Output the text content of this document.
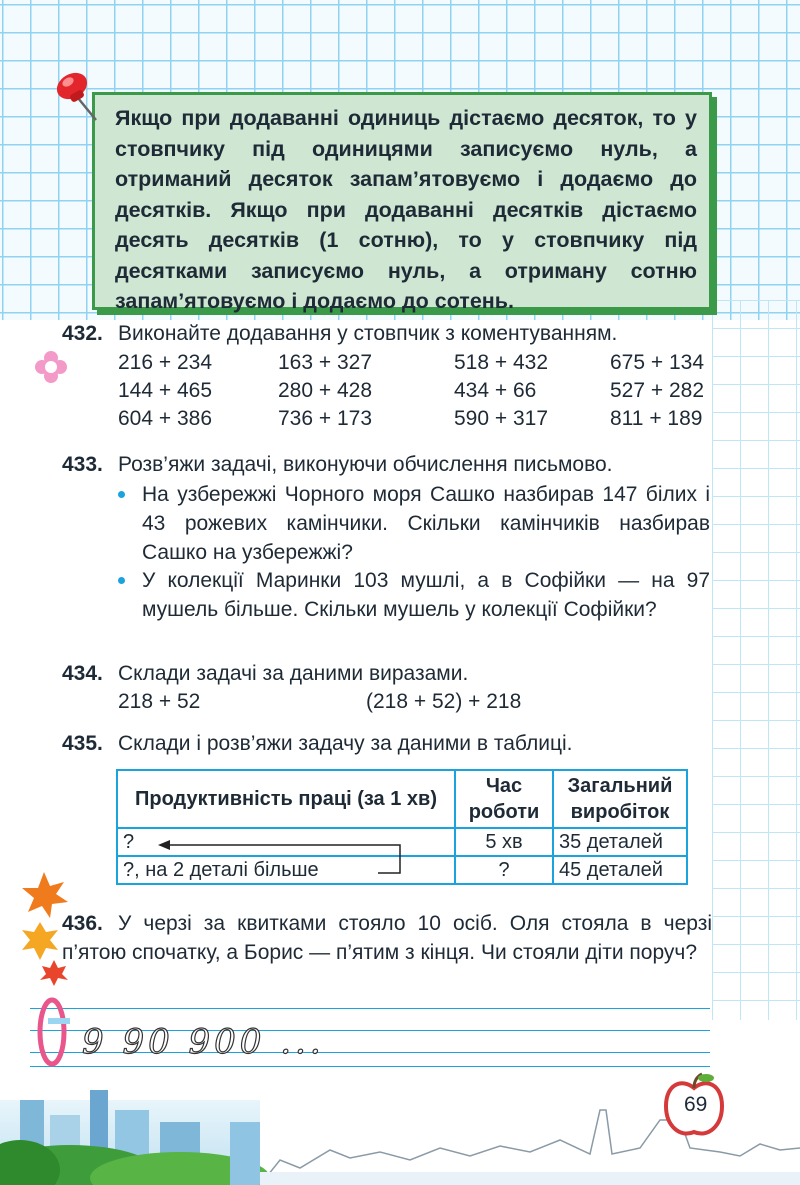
Якщо при додаванні одиниць дістаємо десяток, то у стовпчику під одиницями записуємо нуль, а отриманий десяток запам’ятовуємо і додаємо до десятків. Якщо при додаванні десятків дістаємо десять десятків (1 сотню), то у стовпчику під десятками записуємо нуль, а отриману сотню запам’ятовуємо і додаємо до сотень.

432. Виконайте додавання у стовпчик з коментуванням.
216 + 234	163 + 327	518 + 432	675 + 134
144 + 465	280 + 428	434 + 66	527 + 282
604 + 386	736 + 173	590 + 317	811 + 189
433. Розв’яжи задачі, виконуючи обчислення письмово.
На узбережжі Чорного моря Сашко назбирав 147 білих і 43 рожевих камінчики. Скільки камінчиків назбирав Сашко на узбережжі?
У колекції Маринки 103 мушлі, а в Софійки — на 97 мушель більше. Скільки мушель у колекції Софійки?
434. Склади задачі за даними виразами.
218 + 52	(218 + 52) + 218
435. Склади і розв’яжи задачу за даними в таблиці.
Продуктивність праці (за 1 хв)	Час роботи	Загальний виробіток
?	5 хв	35 деталей
?, на 2 деталі більше	?	45 деталей
436. У черзі за квитками стояло 10 осіб. Оля стояла в черзі п’ятою спочатку, а Борис — п’ятим з кінця. Чи стояли діти поруч?
9 90 900 ...
69
